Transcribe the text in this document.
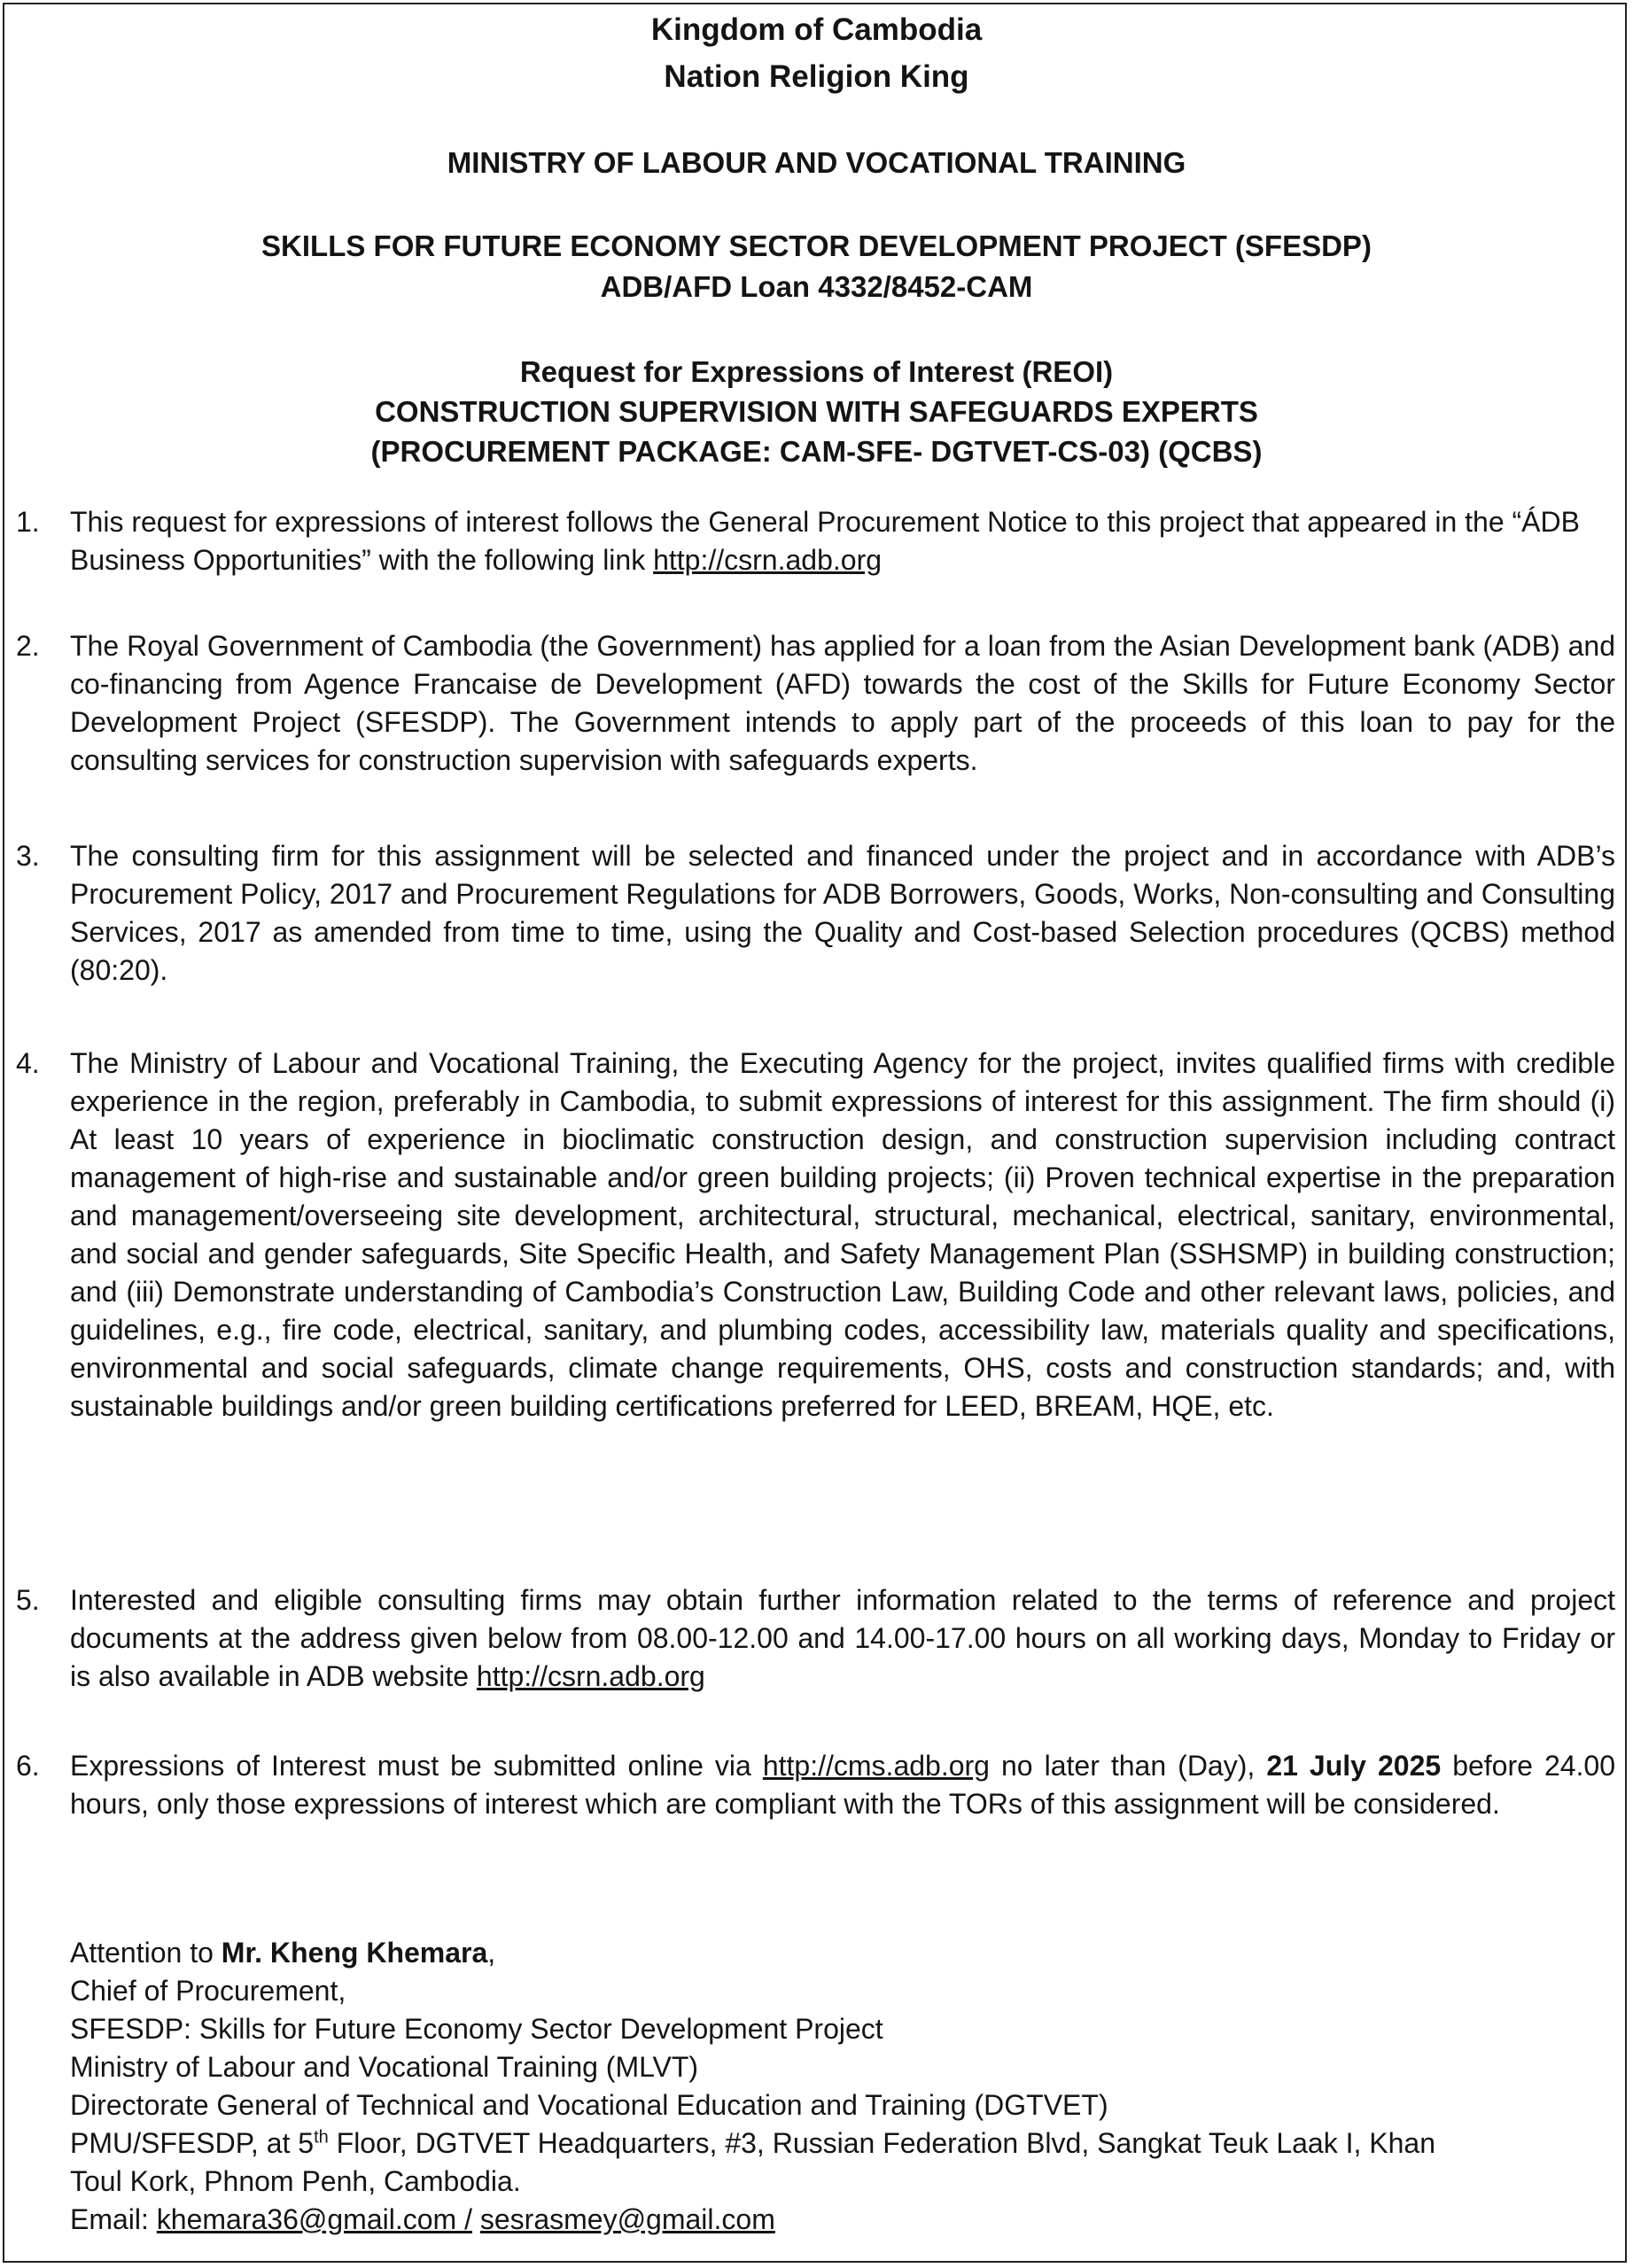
Kingdom of Cambodia
Nation Religion King
MINISTRY OF LABOUR AND VOCATIONAL TRAINING
SKILLS FOR FUTURE ECONOMY SECTOR DEVELOPMENT PROJECT (SFESDP)
ADB/AFD Loan 4332/8452-CAM
Request for Expressions of Interest (REOI)
CONSTRUCTION SUPERVISION WITH SAFEGUARDS EXPERTS
(PROCUREMENT PACKAGE: CAM-SFE- DGTVET-CS-03) (QCBS)
1.	This request for expressions of interest follows the General Procurement Notice to this project that appeared in the “ÁDB Business Opportunities” with the following link http://csrn.adb.org
2.	The Royal Government of Cambodia (the Government) has applied for a loan from the Asian Development bank (ADB) and co-financing from Agence Francaise de Development (AFD) towards the cost of the Skills for Future Economy Sector Development Project (SFESDP). The Government intends to apply part of the proceeds of this loan to pay for the consulting services for construction supervision with safeguards experts.
3.	The consulting firm for this assignment will be selected and financed under the project and in accordance with ADB’s Procurement Policy, 2017 and Procurement Regulations for ADB Borrowers, Goods, Works, Non-consulting and Consulting Services, 2017 as amended from time to time, using the Quality and Cost-based Selection procedures (QCBS) method (80:20).
4.	The Ministry of Labour and Vocational Training, the Executing Agency for the project, invites qualified firms with credible experience in the region, preferably in Cambodia, to submit expressions of interest for this assignment. The firm should (i) At least 10 years of experience in bioclimatic construction design, and construction supervision including contract management of high-rise and sustainable and/or green building projects; (ii) Proven technical expertise in the preparation and management/overseeing site development, architectural, structural, mechanical, electrical, sanitary, environmental, and social and gender safeguards, Site Specific Health, and Safety Management Plan (SSHSMP) in building construction; and (iii) Demonstrate understanding of Cambodia’s Construction Law, Building Code and other relevant laws, policies, and guidelines, e.g., fire code, electrical, sanitary, and plumbing codes, accessibility law, materials quality and specifications, environmental and social safeguards, climate change requirements, OHS, costs and construction standards; and, with sustainable buildings and/or green building certifications preferred for LEED, BREAM, HQE, etc.
5.	Interested and eligible consulting firms may obtain further information related to the terms of reference and project documents at the address given below from 08.00-12.00 and 14.00-17.00 hours on all working days, Monday to Friday or is also available in ADB website http://csrn.adb.org
6.	Expressions of Interest must be submitted online via http://cms.adb.org no later than (Day), 21 July 2025 before 24.00 hours, only those expressions of interest which are compliant with the TORs of this assignment will be considered.
Attention to Mr. Kheng Khemara,
Chief of Procurement,
SFESDP: Skills for Future Economy Sector Development Project
Ministry of Labour and Vocational Training (MLVT)
Directorate General of Technical and Vocational Education and Training (DGTVET)
PMU/SFESDP, at 5th Floor, DGTVET Headquarters, #3, Russian Federation Blvd, Sangkat Teuk Laak I, Khan
Toul Kork, Phnom Penh, Cambodia.
Email: khemara36@gmail.com / sesrasmey@gmail.com
